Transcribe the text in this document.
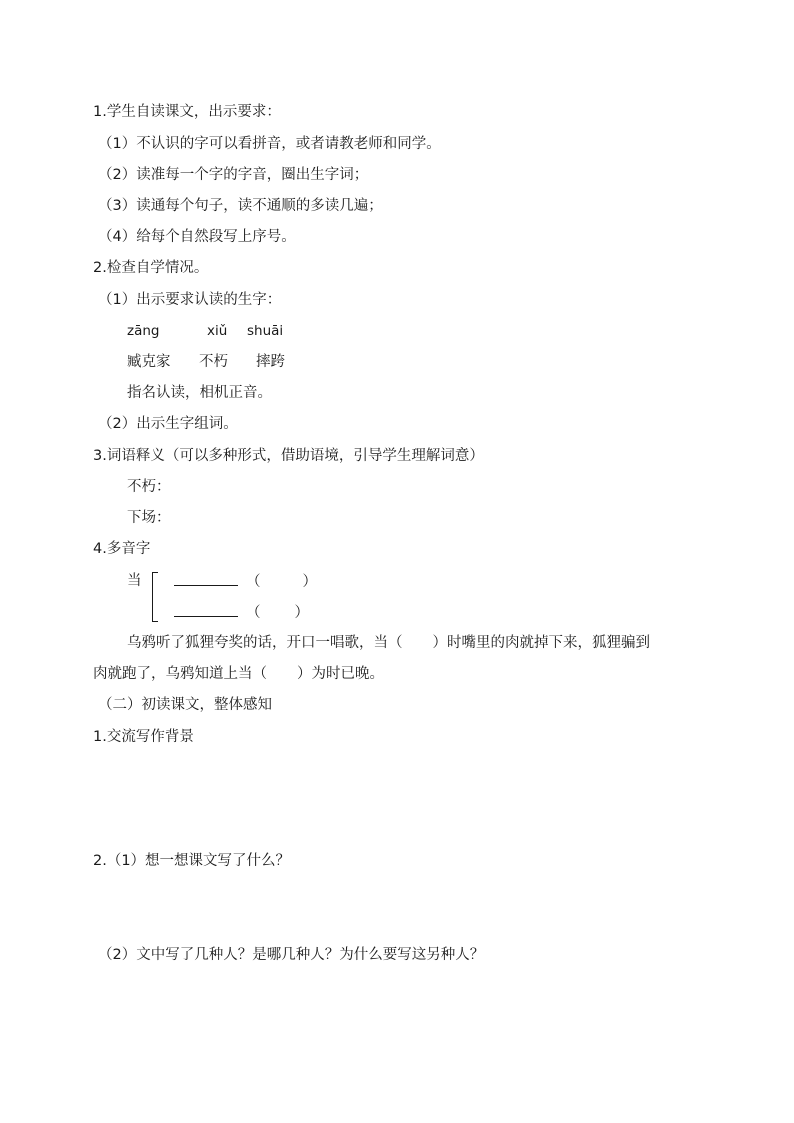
1.学生自读课文，出示要求：
（1）不认识的字可以看拼音，或者请教老师和同学。
（2）读准每一个字的字音，圈出生字词；
（3）读通每个句子，读不通顺的多读几遍；
（4）给每个自然段写上序号。
2.检查自学情况。
（1）出示要求认读的生字：
zāng	xiǔ shuāi
臧克家 不朽 摔跨
指名认读，相机正音。
（2）出示生字组词。
3.词语释义（可以多种形式，借助语境，引导学生理解词意）
不朽：
下场：
4.多音字
当	（	）
（ ）
乌鸦听了狐狸夸奖的话，开口一唱歌，当（ ）时嘴里的肉就掉下来，狐狸骗到
肉就跑了，乌鸦知道上当（ ）为时已晚。
（二）初读课文，整体感知
1.交流写作背景
2.（1）想一想课文写了什么？
（2）文中写了几种人？是哪几种人？为什么要写这另种人？
